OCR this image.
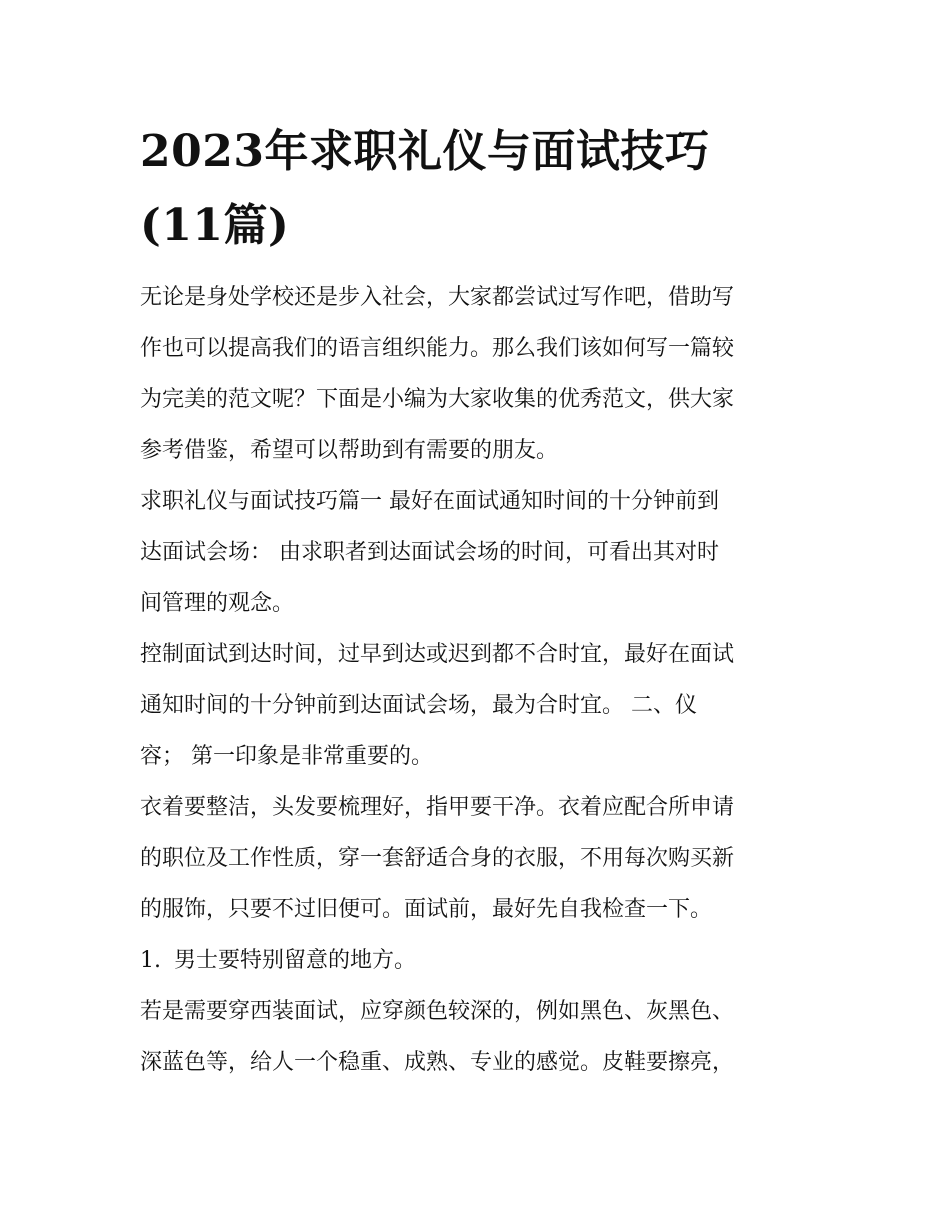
2023年求职礼仪与面试技巧
(11篇)

无论是身处学校还是步入社会，大家都尝试过写作吧，借助写
作也可以提高我们的语言组织能力。那么我们该如何写一篇较
为完美的范文呢？下面是小编为大家收集的优秀范文，供大家
参考借鉴，希望可以帮助到有需要的朋友。

求职礼仪与面试技巧篇一 最好在面试通知时间的十分钟前到
达面试会场： 由求职者到达面试会场的时间，可看出其对时
间管理的观念。

控制面试到达时间，过早到达或迟到都不合时宜，最好在面试
通知时间的十分钟前到达面试会场，最为合时宜。 二、仪
容； 第一印象是非常重要的。

衣着要整洁，头发要梳理好，指甲要干净。衣着应配合所申请
的职位及工作性质，穿一套舒适合身的衣服，不用每次购买新
的服饰，只要不过旧便可。面试前，最好先自我检查一下。

1. 男士要特别留意的地方。

若是需要穿西装面试，应穿颜色较深的，例如黑色、灰黑色、
深蓝色等，给人一个稳重、成熟、专业的感觉。皮鞋要擦亮，
